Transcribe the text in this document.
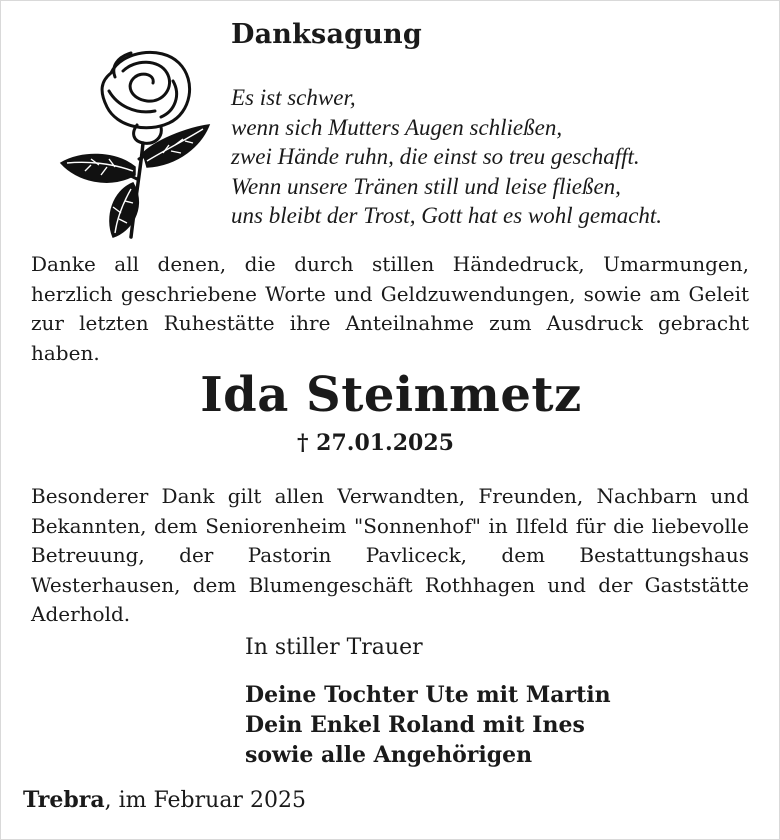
Danksagung
Es ist schwer,
wenn sich Mutters Augen schließen,
zwei Hände ruhn, die einst so treu geschafft.
Wenn unsere Tränen still und leise fließen,
uns bleibt der Trost, Gott hat es wohl gemacht.
Danke all denen, die durch stillen Händedruck, Umarmungen, herzlich geschriebene Worte und Geldzuwendungen, sowie am Geleit zur letzten Ruhestätte ihre Anteilnahme zum Ausdruck gebracht haben.
Ida Steinmetz
† 27.01.2025
Besonderer Dank gilt allen Verwandten, Freunden, Nachbarn und Bekannten, dem Seniorenheim "Sonnenhof" in Ilfeld für die liebevolle Betreuung, der Pastorin Pavliceck, dem Bestattungshaus Westerhausen, dem Blumengeschäft Rothhagen und der Gaststätte Aderhold.
In stiller Trauer
Deine Tochter Ute mit Martin
Dein Enkel Roland mit Ines
sowie alle Angehörigen
Trebra, im Februar 2025
